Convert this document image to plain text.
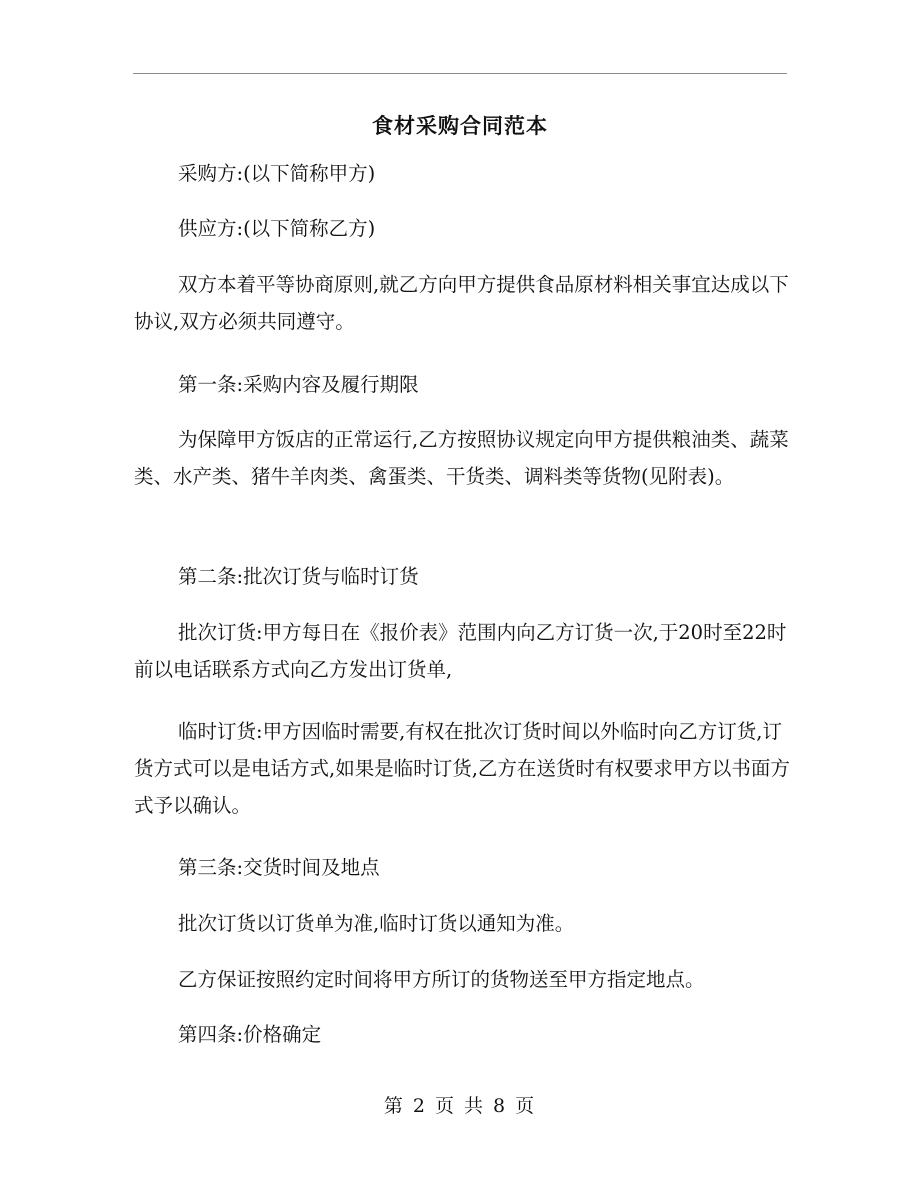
食材采购合同范本

采购方:(以下简称甲方)

供应方:(以下简称乙方)

双方本着平等协商原则,就乙方向甲方提供食品原材料相关事宜达成以下协议,双方必须共同遵守。

第一条:采购内容及履行期限

为保障甲方饭店的正常运行,乙方按照协议规定向甲方提供粮油类、蔬菜类、水产类、猪牛羊肉类、禽蛋类、干货类、调料类等货物(见附表)。

第二条:批次订货与临时订货

批次订货:甲方每日在《报价表》范围内向乙方订货一次,于20时至22时前以电话联系方式向乙方发出订货单,

临时订货:甲方因临时需要,有权在批次订货时间以外临时向乙方订货,订货方式可以是电话方式,如果是临时订货,乙方在送货时有权要求甲方以书面方式予以确认。

第三条:交货时间及地点

批次订货以订货单为准,临时订货以通知为准。

乙方保证按照约定时间将甲方所订的货物送至甲方指定地点。

第四条:价格确定

第 2 页 共 8 页
